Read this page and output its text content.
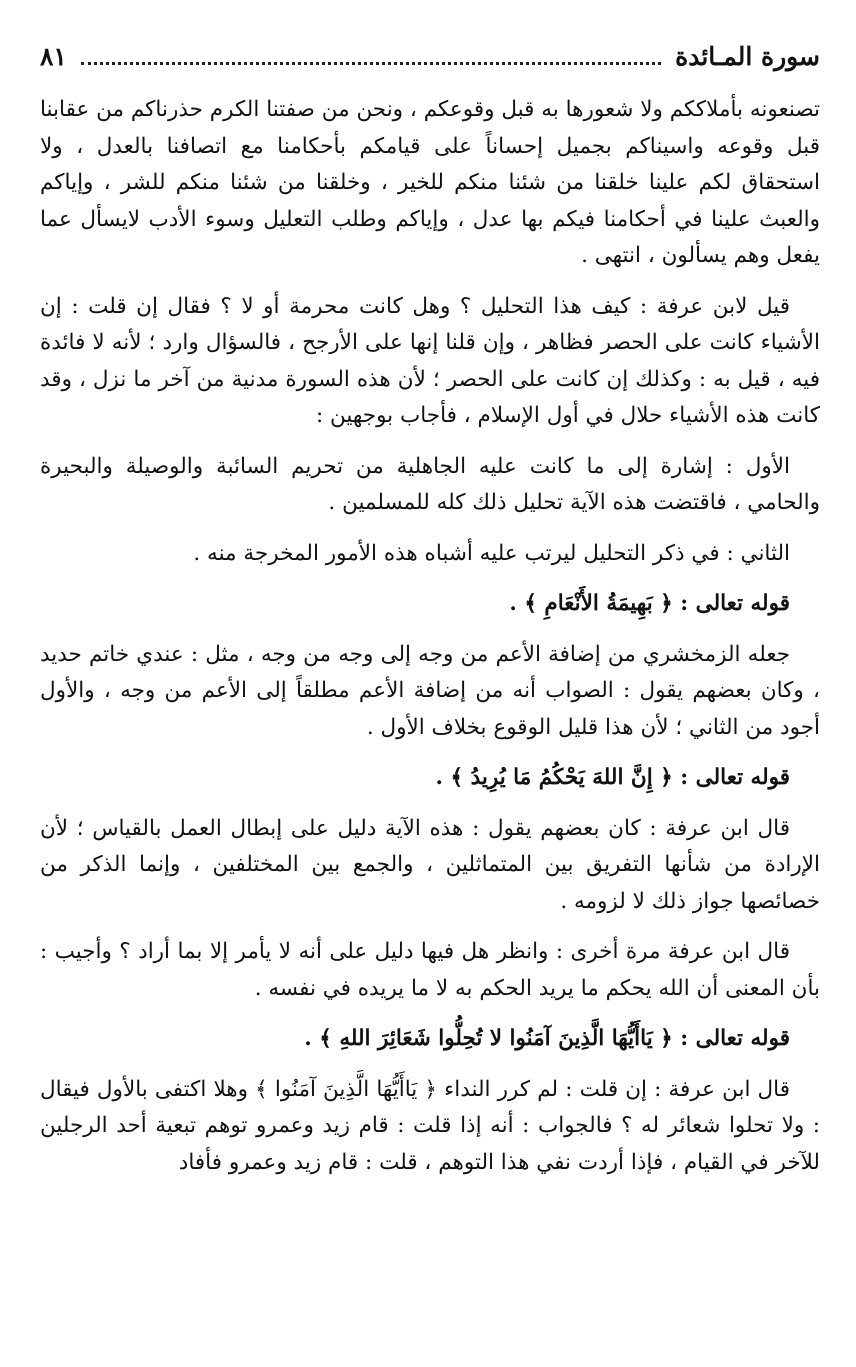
سورة المـائدة
٨١

تصنعونه بأملاككم ولا شعورها به قبل وقوعكم ، ونحن من صفتنا الكرم حذرناكم من عقابنا قبل وقوعه واسيناكم بجميل إحساناً على قيامكم بأحكامنا مع اتصافنا بالعدل ، ولا استحقاق لكم علينا خلقنا من شئنا منكم للخير ، وخلقنا من شئنا منكم للشر ، وإياكم والعبث علينا في أحكامنا فيكم بها عدل ، وإياكم وطلب التعليل وسوء الأدب لايسأل عما يفعل وهم يسألون ، انتهى .

قيل لابن عرفة : كيف هذا التحليل ؟ وهل كانت محرمة أو لا ؟ فقال إن قلت : إن الأشياء كانت على الحصر فظاهر ، وإن قلنا إنها على الأرجح ، فالسؤال وارد ؛ لأنه لا فائدة فيه ، قيل به : وكذلك إن كانت على الحصر ؛ لأن هذه السورة مدنية من آخر ما نزل ، وقد كانت هذه الأشياء حلال في أول الإسلام ، فأجاب بوجهين :

الأول : إشارة إلى ما كانت عليه الجاهلية من تحريم السائبة والوصيلة والبحيرة والحامي ، فاقتضت هذه الآية تحليل ذلك كله للمسلمين .

الثاني : في ذكر التحليل ليرتب عليه أشباه هذه الأمور المخرجة منه .

قوله تعالى : ﴿ بَهِيمَةُ الأَنْعَامِ ﴾ .

جعله الزمخشري من إضافة الأعم من وجه إلى وجه من وجه ، مثل : عندي خاتم حديد ، وكان بعضهم يقول : الصواب أنه من إضافة الأعم مطلقاً إلى الأعم من وجه ، والأول أجود من الثاني ؛ لأن هذا قليل الوقوع بخلاف الأول .

قوله تعالى : ﴿ إِنَّ اللهَ يَحْكُمُ مَا يُرِيدُ ﴾ .

قال ابن عرفة : كان بعضهم يقول : هذه الآية دليل على إبطال العمل بالقياس ؛ لأن الإرادة من شأنها التفريق بين المتماثلين ، والجمع بين المختلفين ، وإنما الذكر من خصائصها جواز ذلك لا لزومه .

قال ابن عرفة مرة أخرى : وانظر هل فيها دليل على أنه لا يأمر إلا بما أراد ؟ وأجيب : بأن المعنى أن الله يحكم ما يريد الحكم به لا ما يريده في نفسه .

قوله تعالى : ﴿ يَاأَيُّهَا الَّذِينَ آمَنُوا لا تُحِلُّوا شَعَائِرَ اللهِ ﴾ .

قال ابن عرفة : إن قلت : لم كرر النداء ﴿ يَاأَيُّهَا الَّذِينَ آمَنُوا ﴾ وهلا اكتفى بالأول فيقال : ولا تحلوا شعائر له ؟ فالجواب : أنه إذا قلت : قام زيد وعمرو توهم تبعية أحد الرجلين للآخر في القيام ، فإذا أردت نفي هذا التوهم ، قلت : قام زيد وعمرو فأفاد
